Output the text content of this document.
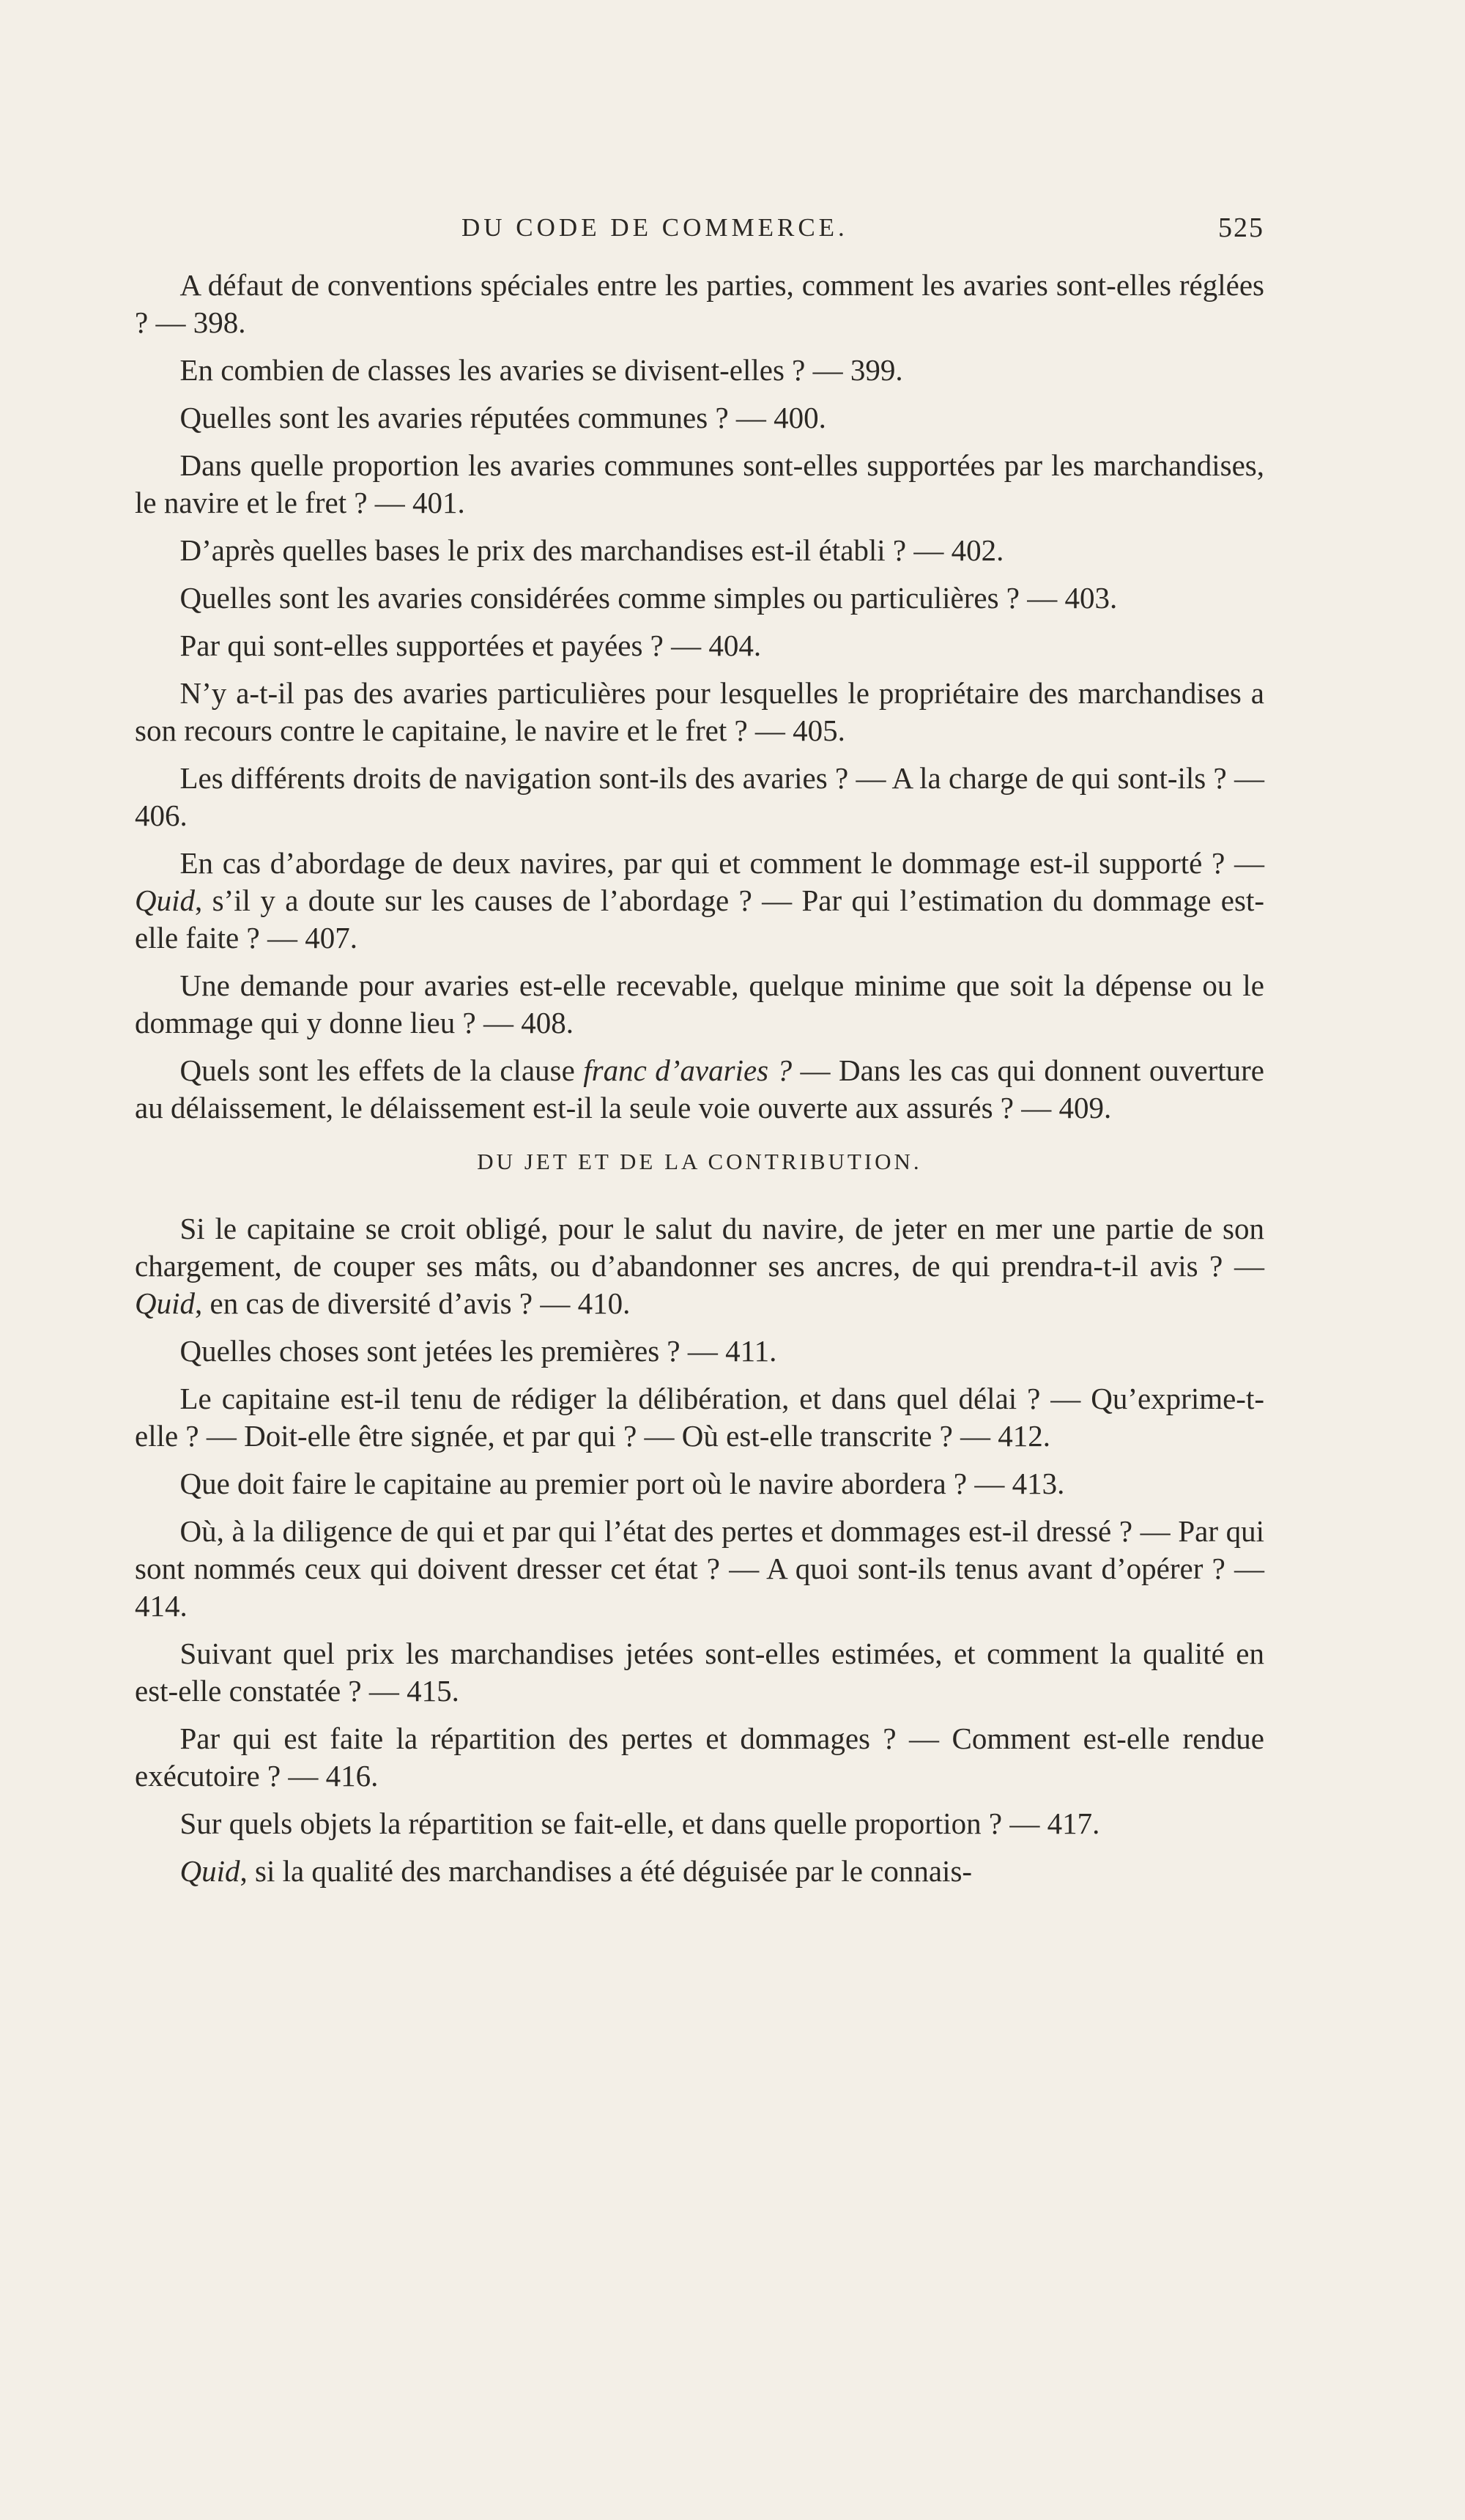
DU CODE DE COMMERCE.	525

A défaut de conventions spéciales entre les parties, comment les avaries sont-elles réglées ? — 398.

En combien de classes les avaries se divisent-elles ? — 399.

Quelles sont les avaries réputées communes ? — 400.

Dans quelle proportion les avaries communes sont-elles supportées par les marchandises, le navire et le fret ? — 401.

D’après quelles bases le prix des marchandises est-il établi ? — 402.

Quelles sont les avaries considérées comme simples ou particulières ? — 403.

Par qui sont-elles supportées et payées ? — 404.

N’y a-t-il pas des avaries particulières pour lesquelles le propriétaire des marchandises a son recours contre le capitaine, le navire et le fret ? — 405.

Les différents droits de navigation sont-ils des avaries ? — A la charge de qui sont-ils ? — 406.

En cas d’abordage de deux navires, par qui et comment le dommage est-il supporté ? — Quid, s’il y a doute sur les causes de l’abordage ? — Par qui l’estimation du dommage est-elle faite ? — 407.

Une demande pour avaries est-elle recevable, quelque minime que soit la dépense ou le dommage qui y donne lieu ? — 408.

Quels sont les effets de la clause franc d’avaries ? — Dans les cas qui donnent ouverture au délaissement, le délaissement est-il la seule voie ouverte aux assurés ? — 409.

DU JET ET DE LA CONTRIBUTION.

Si le capitaine se croit obligé, pour le salut du navire, de jeter en mer une partie de son chargement, de couper ses mâts, ou d’abandonner ses ancres, de qui prendra-t-il avis ? — Quid, en cas de diversité d’avis ? — 410.

Quelles choses sont jetées les premières ? — 411.

Le capitaine est-il tenu de rédiger la délibération, et dans quel délai ? — Qu’exprime-t-elle ? — Doit-elle être signée, et par qui ? — Où est-elle transcrite ? — 412.

Que doit faire le capitaine au premier port où le navire abordera ? — 413.

Où, à la diligence de qui et par qui l’état des pertes et dommages est-il dressé ? — Par qui sont nommés ceux qui doivent dresser cet état ? — A quoi sont-ils tenus avant d’opérer ? — 414.

Suivant quel prix les marchandises jetées sont-elles estimées, et comment la qualité en est-elle constatée ? — 415.

Par qui est faite la répartition des pertes et dommages ? — Comment est-elle rendue exécutoire ? — 416.

Sur quels objets la répartition se fait-elle, et dans quelle proportion ? — 417.

Quid, si la qualité des marchandises a été déguisée par le connais-
